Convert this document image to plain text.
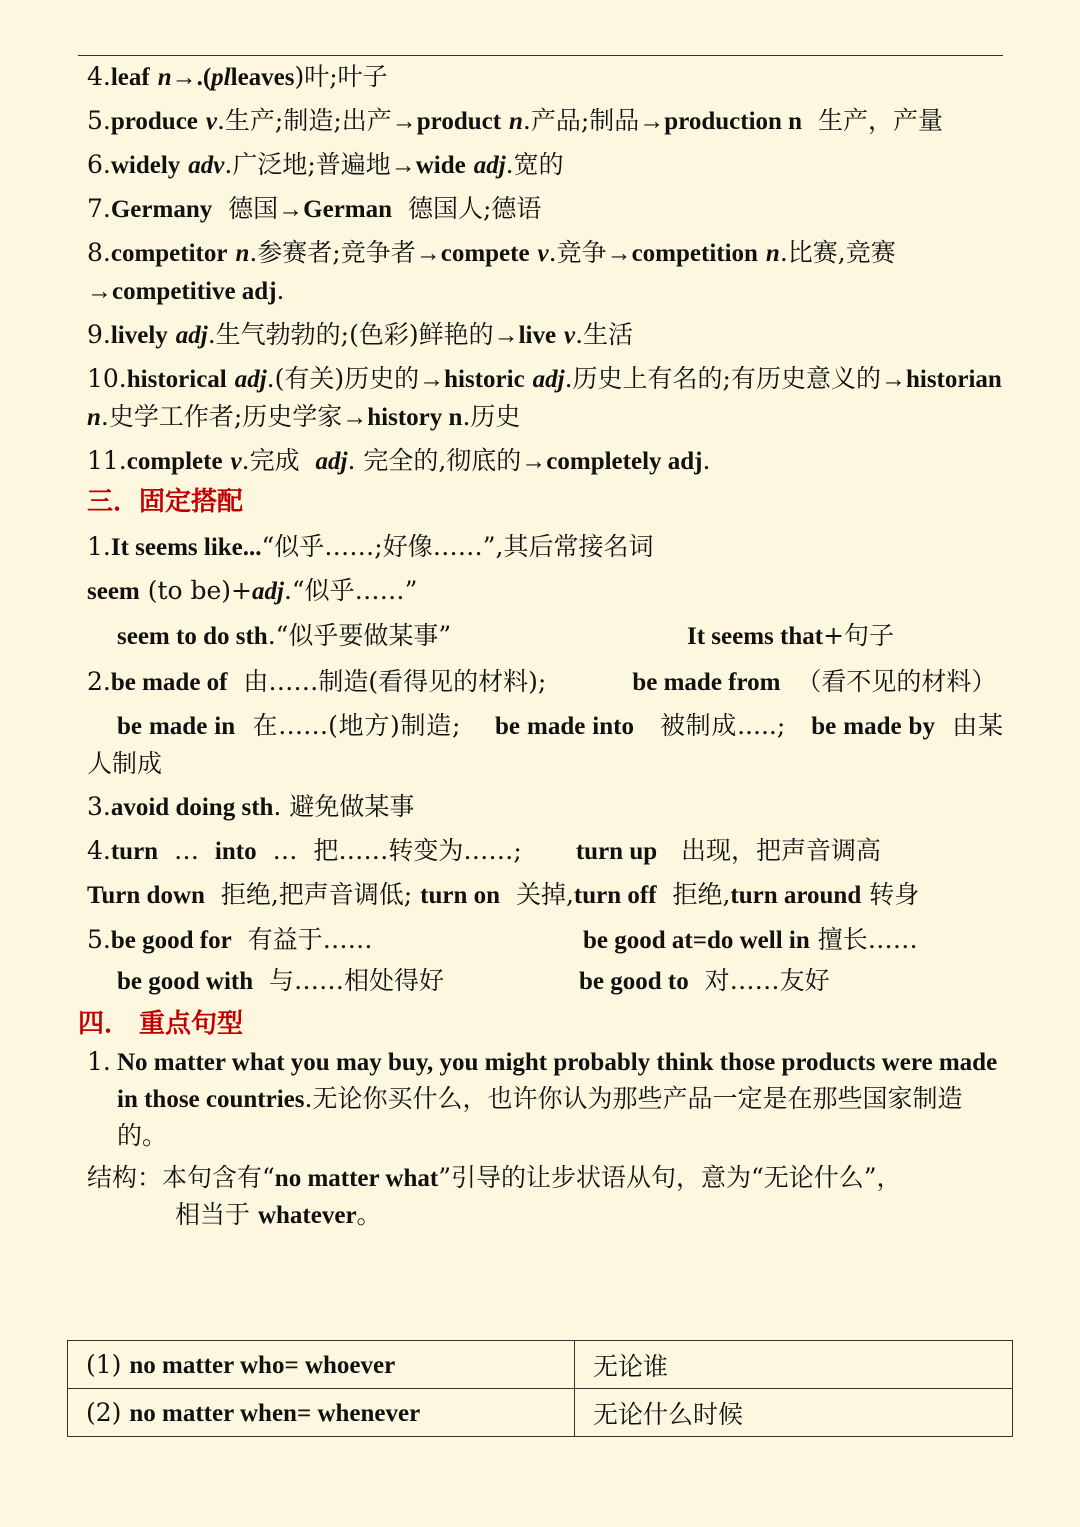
4.leaf n→.(plleaves)叶;叶子

5.produce v.生产;制造;出产→product n.产品;制品→production n 生产，产量

6.widely adv.广泛地;普遍地→wide adj.宽的

7.Germany 德国→German 德国人;德语

8.competitor n.参赛者;竞争者→compete v.竞争→competition n.比赛,竞赛→competitive adj.

9.lively adj.生气勃勃的;(色彩)鲜艳的→live v.生活

10.historical adj.(有关)历史的→historic adj.历史上有名的;有历史意义的→historian n.史学工作者;历史学家→history n.历史

11.complete v.完成 adj. 完全的,彻底的→completely adj.

三．固定搭配

1.It seems like...“似乎……;好像……”,其后常接名词

seem (to be)+adj.“似乎……”

seem to do sth.“似乎要做某事”	It seems that+句子

2.be made of 由……制造(看得见的材料);	be made from （看不见的材料）

be made in 在……(地方)制造; be made into 被制成.....; be made by 由某人制成

3.avoid doing sth. 避免做某事

4.turn … into … 把……转变为……; turn up 出现，把声音调高

Turn down 拒绝,把声音调低; turn on 关掉,turn off 拒绝,turn around 转身

5.be good for 有益于……	be good at=do well in 擅长……
be good with 与……相处得好	be good to 对……友好
四． 重点句型
1. No matter what you may buy, you might probably think those products were made in those countries.无论你买什么，也许你认为那些产品一定是在那些国家制造的。
结构：本句含有“no matter what”引导的让步状语从句，意为“无论什么”，
相当于 whatever。
(1) no matter who= whoever	无论谁
(2) no matter when= whenever	无论什么时候
